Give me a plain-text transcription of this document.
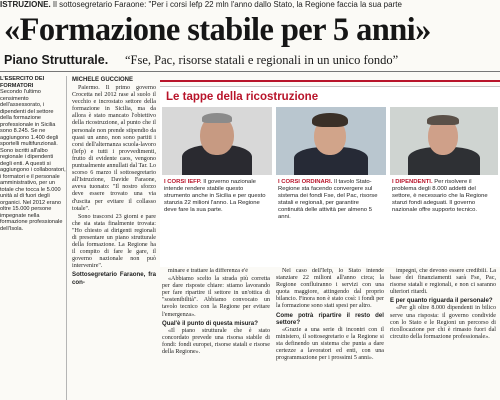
ISTRUZIONE. Il sottosegretario Faraone: "Per i corsi Iefp 22 mln l'anno dallo Stato, la Regione faccia la sua parte
«Formazione stabile per 5 anni»
Piano Strutturale. “Fse, Pac, risorse statali e regionali in un unico fondo”
L'ESERCITO DEI FORMATORI
Secondo l'ultimo censimento dell'assessorato, i dipendenti del settore della formazione professionale in Sicilia sono 8.245. Se ne aggiungono 1.400 degli sportelli multifunzionali. Sono iscritti all'albo regionale i dipendenti degli enti. A questi si aggiungono i collaboratori, i formatori e il personale amministrativo, per un totale che tocca le 5.000 unità al di fuori degli organici. Nel 2012 erano oltre 15.000 persone impegnate nella formazione professionale dell'Isola.
MICHELE GUCCIONE

Palermo. Il primo governo Crocetta nel 2012 rase al suolo il vecchio e incrostato settore della formazione in Sicilia, ma da allora è stato mancato l'obiettivo della ricostruzione, al punto che il personale non prende stipendio da quasi un anno, non sono partiti i corsi dell'alternanza scuola-lavoro (Iefp) e tutti i provvedimenti, frutto di evidente caos, vengono puntualmente annullati dal Tar. Lo scorso 6 marzo il sottosegretario all'Istruzione, Davide Faraone, aveva tuonato: "Il nostro sforzo deve essere trovato una via d'uscita per evitare il collasso totale".

Sono trascorsi 23 giorni e pare che sia stata finalmente trovata: "Ho chiesto ai dirigenti regionali di presentare un piano strutturale della formazione. La Regione ha il compito di fare le gare, il governo nazionale non può intervenire".

Sottosegretario Faraone, fra con-

Le tappe della ricostruzione
I CORSI IEFP. Il governo nazionale intende rendere stabile questo strumento anche in Sicilia e per questo stanzia 22 milioni l'anno. La Regione deve fare la sua parte.
I CORSI ORDINARI. Il tavolo Stato-Regione sta facendo convergere sul sistema dei fondi Fse, del Pac, risorse statali e regionali, per garantire continuità delle attività per almeno 5 anni.
I DIPENDENTI. Per risolvere il problema degli 8.000 addetti del settore, è necessario che la Regione stanzi fondi adeguati. Il governo nazionale offre supporto tecnico.

minare e trattare la differenza e'è

«Abbiamo scelto la strada più corretta per dare risposte chiare: stiamo lavorando per fare ripartire il settore in un'ottica di "sostenibilità". Abbiamo convocato un tavolo tecnico con la Regione per evitare l'emergenza».

Qual'è il punto di questa misura?

«Il piano strutturale che è stato concordato prevede una risorsa stabile di fondi: fondi europei, risorse statali e risorse della Regione».

Nel caso dell'Iefp, lo Stato intende stanziare 22 milioni all'anno circa; la Regione confluiranno i servizi con una quota maggiore, attingendo dal proprio bilancio. Finora non è stato così: i fondi per la formazione sono stati spesi per altro.

Come potrà ripartire il resto del settore?

«Grazie a una serie di incontri con il ministero, il sottosegretario e la Regione si sta definendo un sistema che punta a dare certezze a lavoratori ed enti, con una programmazione per i prossimi 5 anni».

impegni, che devono essere credibili. La base dei finanziamenti sarà Fse, Pac, risorse statali e regionali, e non ci saranno ulteriori ritardi.

E per quanto riguarda il personale?

«Per gli oltre 8.000 dipendenti in bilico serve una risposta: il governo condivide con lo Stato e le Regioni un percorso di ricollocazione per chi è rimasto fuori dal circuito della formazione professionale».
